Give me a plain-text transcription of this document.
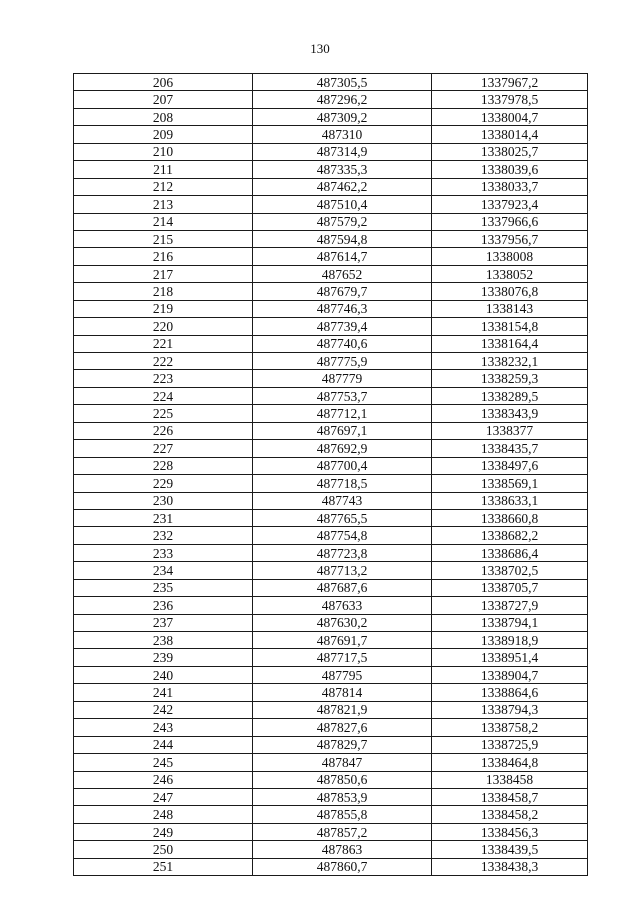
130
206	487305,5	1337967,2
207	487296,2	1337978,5
208	487309,2	1338004,7
209	487310	1338014,4
210	487314,9	1338025,7
211	487335,3	1338039,6
212	487462,2	1338033,7
213	487510,4	1337923,4
214	487579,2	1337966,6
215	487594,8	1337956,7
216	487614,7	1338008
217	487652	1338052
218	487679,7	1338076,8
219	487746,3	1338143
220	487739,4	1338154,8
221	487740,6	1338164,4
222	487775,9	1338232,1
223	487779	1338259,3
224	487753,7	1338289,5
225	487712,1	1338343,9
226	487697,1	1338377
227	487692,9	1338435,7
228	487700,4	1338497,6
229	487718,5	1338569,1
230	487743	1338633,1
231	487765,5	1338660,8
232	487754,8	1338682,2
233	487723,8	1338686,4
234	487713,2	1338702,5
235	487687,6	1338705,7
236	487633	1338727,9
237	487630,2	1338794,1
238	487691,7	1338918,9
239	487717,5	1338951,4
240	487795	1338904,7
241	487814	1338864,6
242	487821,9	1338794,3
243	487827,6	1338758,2
244	487829,7	1338725,9
245	487847	1338464,8
246	487850,6	1338458
247	487853,9	1338458,7
248	487855,8	1338458,2
249	487857,2	1338456,3
250	487863	1338439,5
251	487860,7	1338438,3
